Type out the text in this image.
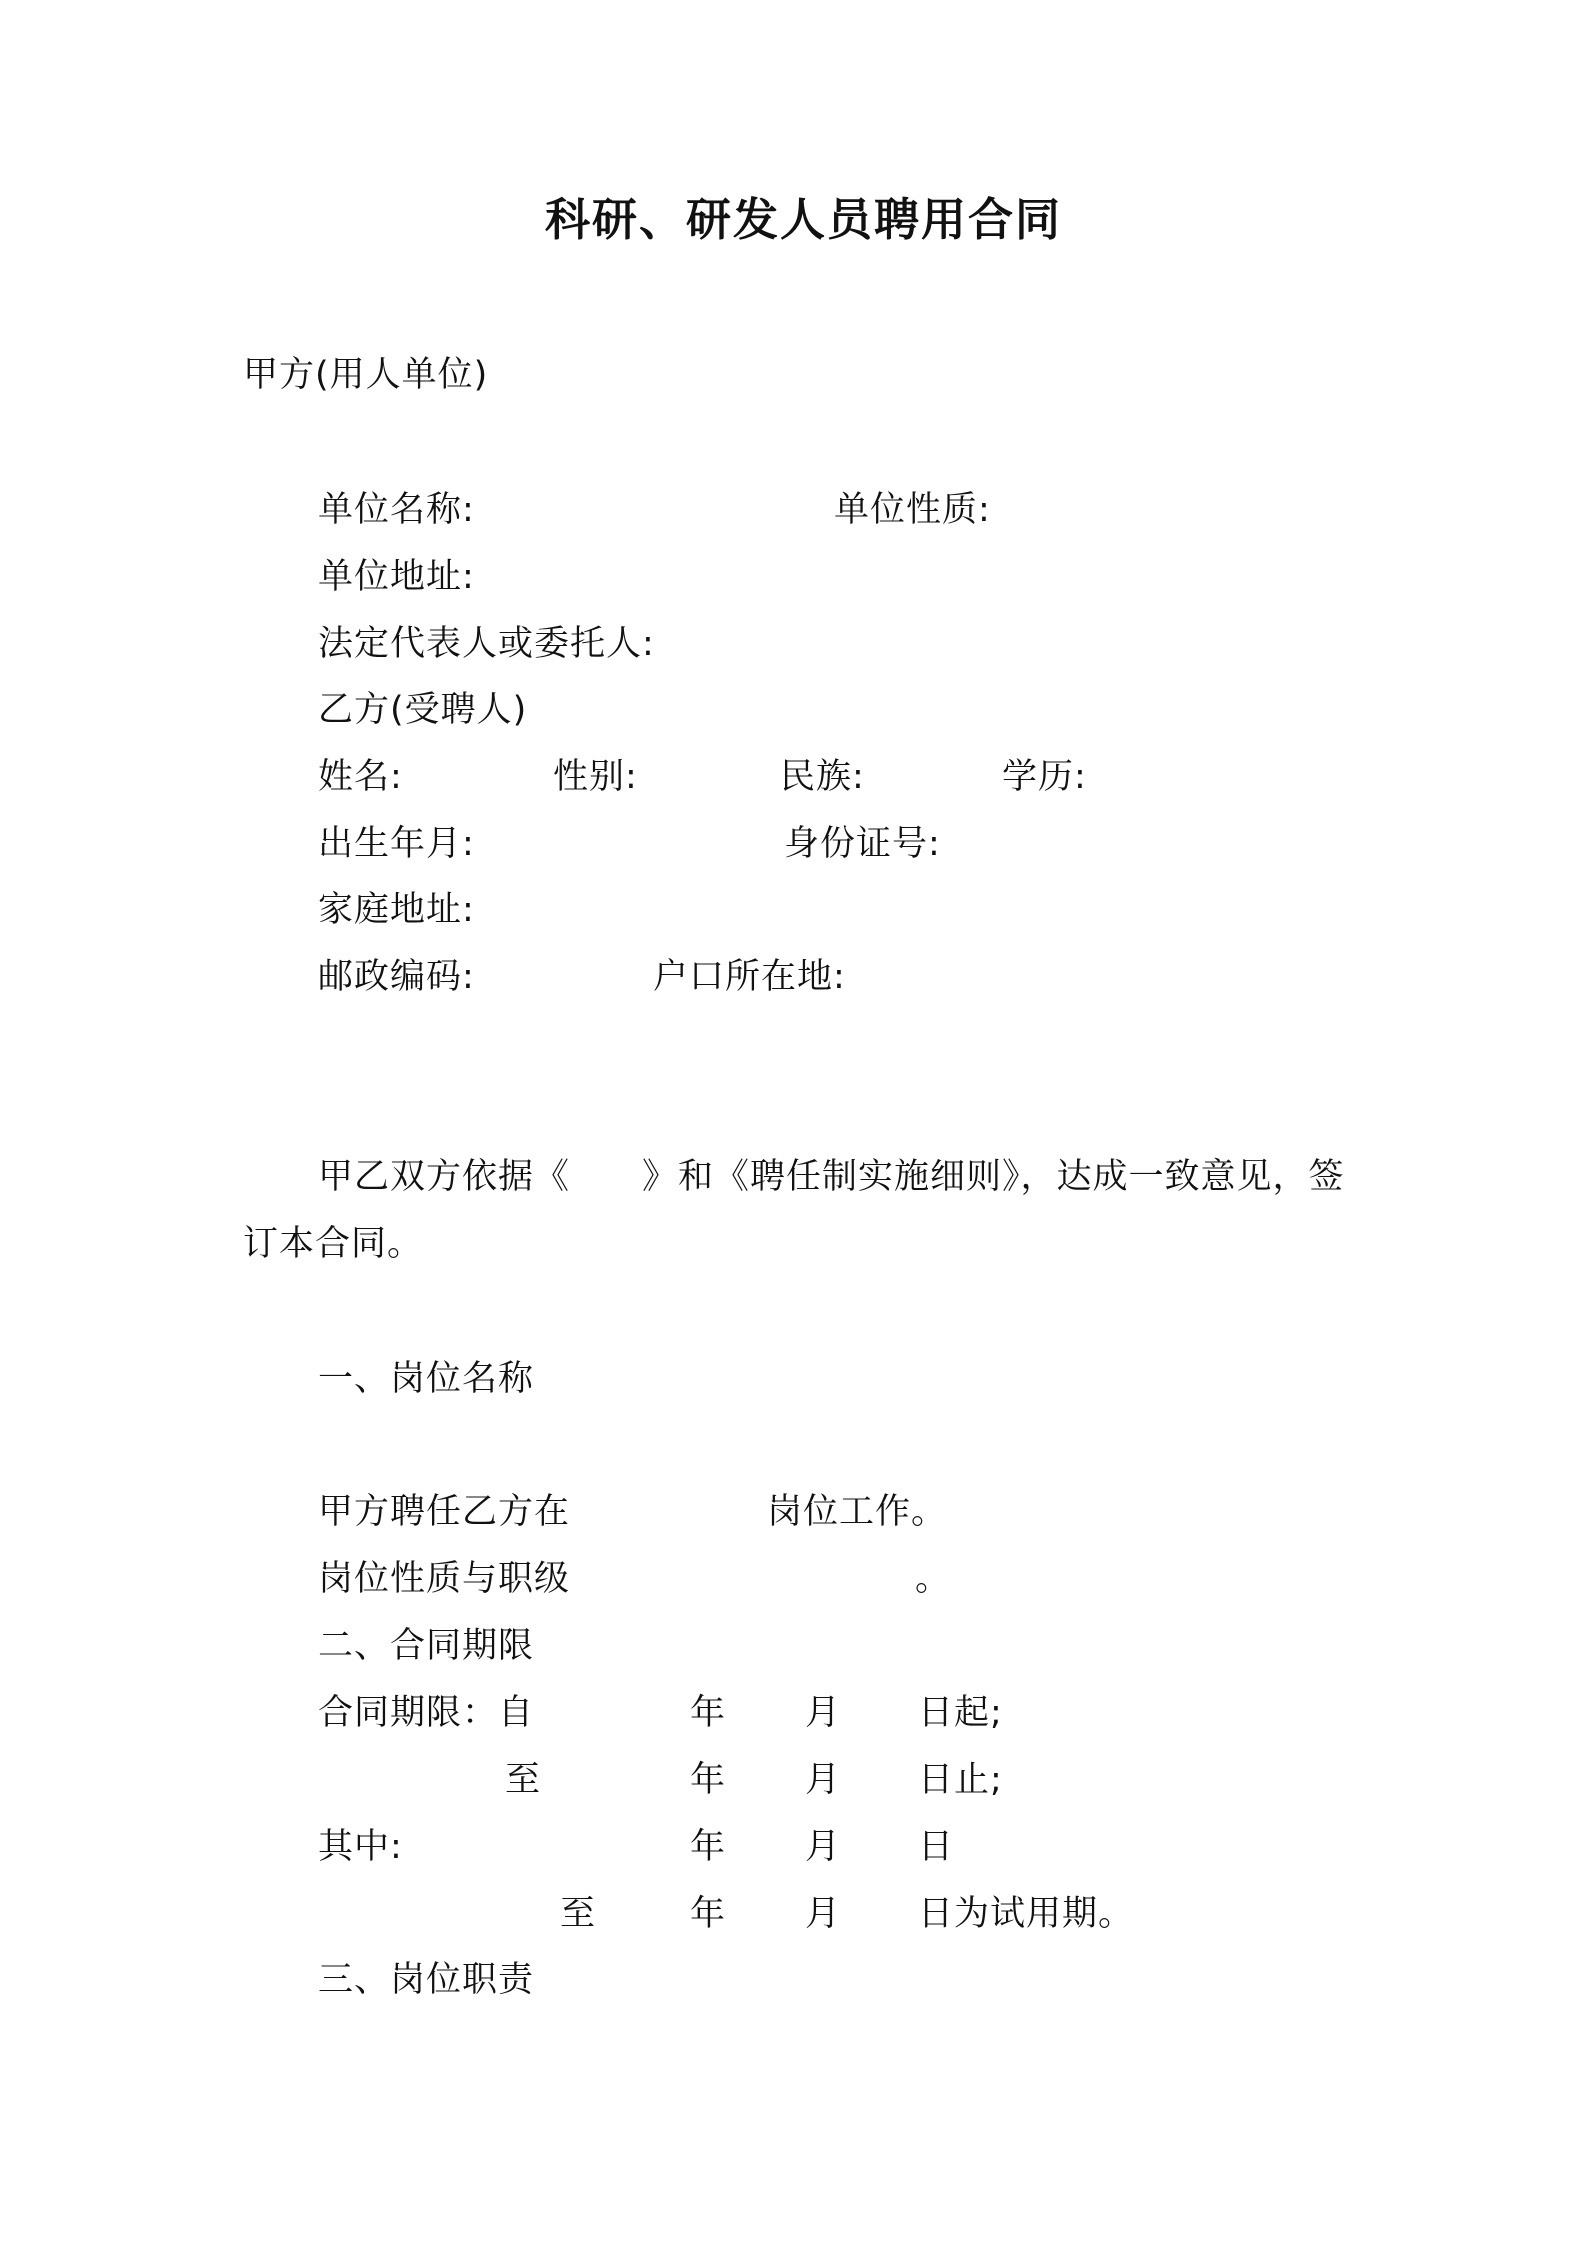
科研、研发人员聘用合同
甲方(用人单位)
单位名称:	单位性质:
单位地址:
法定代表人或委托人:
乙方(受聘人)
姓名:	性别:	民族:	学历:
出生年月:	身份证号:
家庭地址:
邮政编码:	户口所在地:
甲乙双方依据《　　》和《聘任制实施细则》，达成一致意见，签
订本合同。
一、岗位名称
甲方聘任乙方在	岗位工作。
岗位性质与职级	。
二、合同期限
合同期限：自	年 月 日起;
至	年 月 日止;
其中:	年 月 日
至	年 月 日为试用期。
三、岗位职责
